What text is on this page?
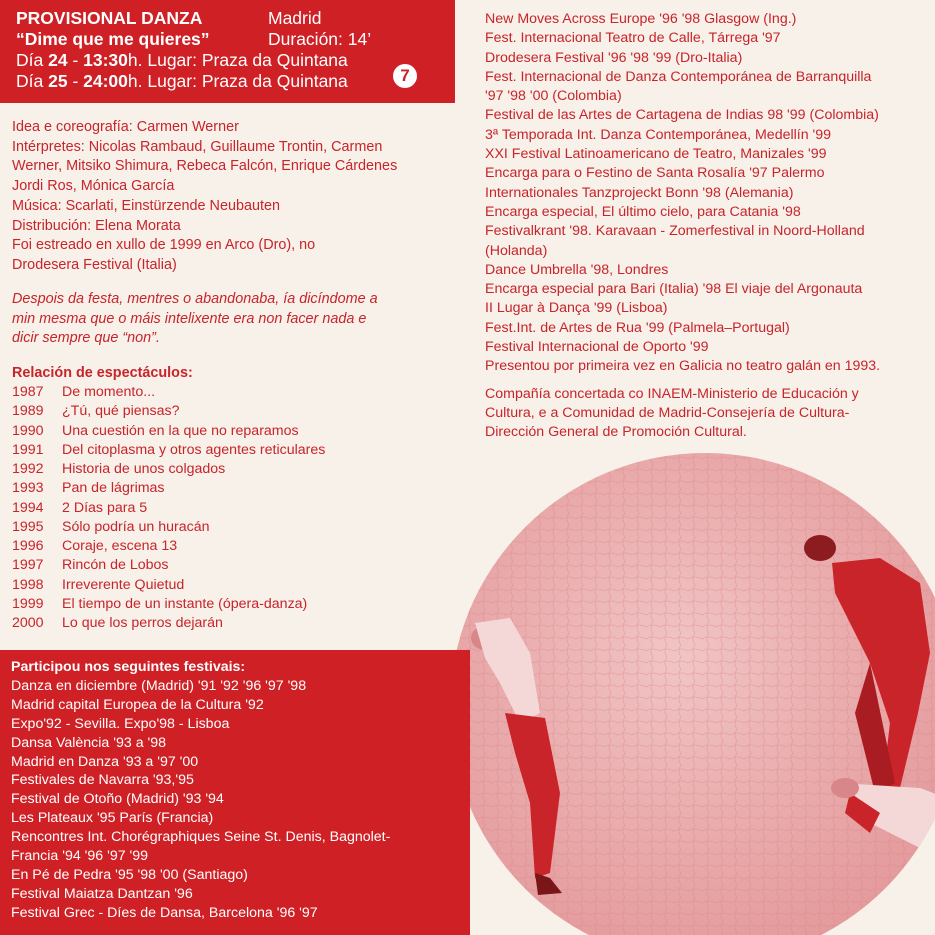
PROVISIONAL DANZA	Madrid
“Dime que me quieres”	Duración: 14’
Día 24 - 13:30h. Lugar: Praza da Quintana
Día 25 - 24:00h. Lugar: Praza da Quintana	7
Idea e coreografía: Carmen Werner
Intérpretes: Nicolas Rambaud, Guillaume Trontin, Carmen
Werner, Mitsiko Shimura, Rebeca Falcón, Enrique Cárdenes
Jordi Ros, Mónica García
Música: Scarlati, Einstürzende Neubauten
Distribución: Elena Morata
Foi estreado en xullo de 1999 en Arco (Dro), no
Drodesera Festival (Italia)
Despois da festa, mentres o abandonaba, ía dicíndome a
min mesma que o máis intelixente era non facer nada e
dicir sempre que “non”.
Relación de espectáculos:
1987	De momento...
1989	¿Tú, qué piensas?
1990	Una cuestión en la que no reparamos
1991	Del citoplasma y otros agentes reticulares
1992	Historia de unos colgados
1993	Pan de lágrimas
1994	2 Días para 5
1995	Sólo podría un huracán
1996	Coraje, escena 13
1997	Rincón de Lobos
1998	Irreverente Quietud
1999	El tiempo de un instante (ópera-danza)
2000	Lo que los perros dejarán
Participou nos seguintes festivais:
Danza en diciembre (Madrid) '91 '92 '96 '97 '98
Madrid capital Europea de la Cultura '92
Expo'92 - Sevilla. Expo'98 - Lisboa
Dansa València '93 a '98
Madrid en Danza '93 a '97 '00
Festivales de Navarra '93,'95
Festival de Otoño (Madrid) '93 '94
Les Plateaux '95 París (Francia)
Rencontres Int. Chorégraphiques Seine St. Denis, Bagnolet-
Francia '94 '96 '97 '99
En Pé de Pedra '95 '98 '00 (Santiago)
Festival Maiatza Dantzan '96
Festival Grec - Díes de Dansa, Barcelona '96 '97
New Moves Across Europe '96 '98 Glasgow (Ing.)
Fest. Internacional Teatro de Calle, Tárrega '97
Drodesera Festival '96 '98 '99 (Dro-Italia)
Fest. Internacional de Danza Contemporánea de Barranquilla
'97 '98 '00 (Colombia)
Festival de las Artes de Cartagena de Indias 98 '99 (Colombia)
3ª Temporada Int. Danza Contemporánea, Medellín '99
XXI Festival Latinoamericano de Teatro, Manizales '99
Encarga para o Festino de Santa Rosalía '97 Palermo
Internationales Tanzprojeckt Bonn '98 (Alemania)
Encarga especial, El último cielo, para Catania '98
Festivalkrant '98. Karavaan - Zomerfestival in Noord-Holland
(Holanda)
Dance Umbrella '98, Londres
Encarga especial para Bari (Italia) '98 El viaje del Argonauta
II Lugar à Dança '99 (Lisboa)
Fest.Int. de Artes de Rua '99 (Palmela–Portugal)
Festival Internacional de Oporto '99
Presentou por primeira vez en Galicia no teatro galán en 1993.
Compañía concertada co INAEM-Ministerio de Educación y
Cultura, e a Comunidad de Madrid-Consejería de Cultura-
Dirección General de Promoción Cultural.
